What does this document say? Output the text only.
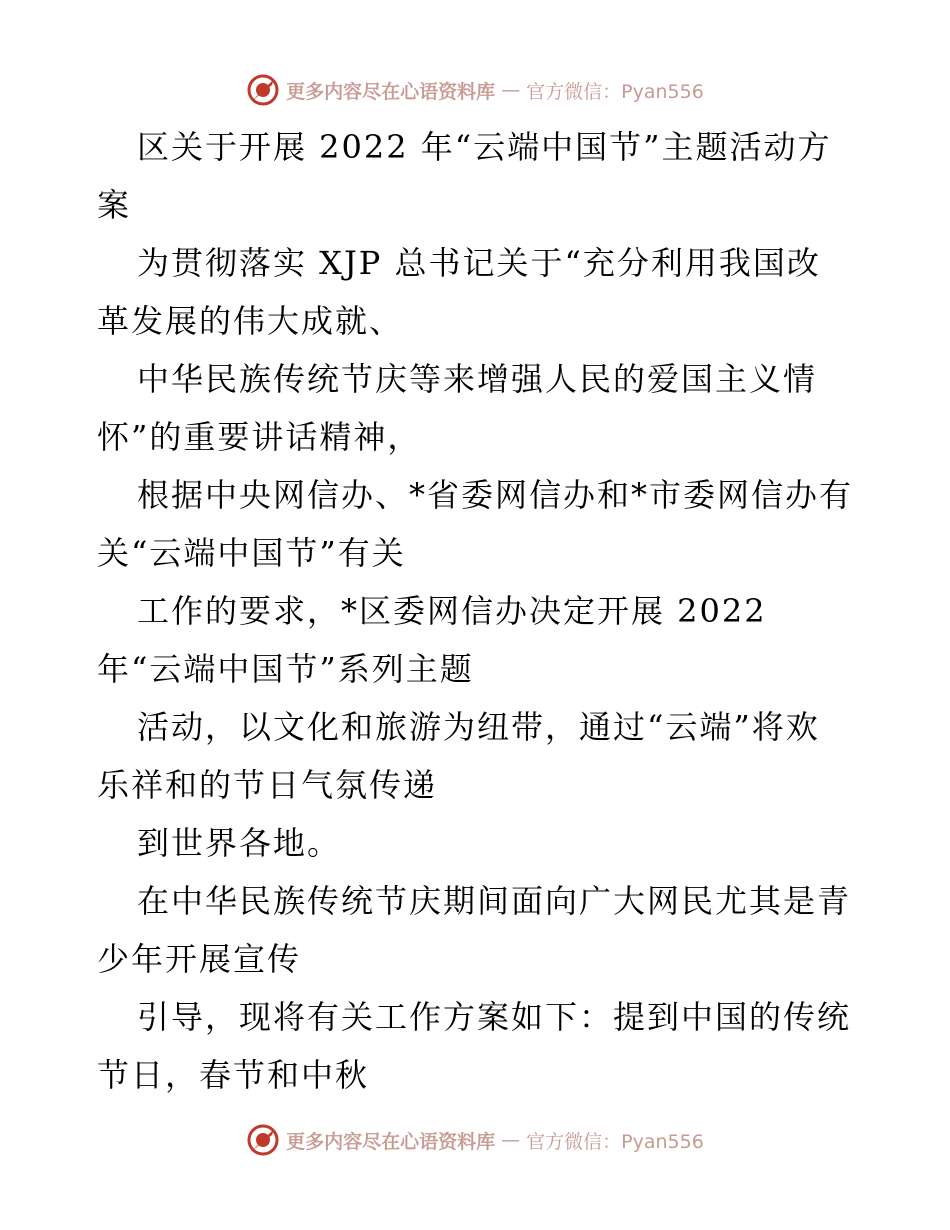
更多内容尽在心语资料库 — 官方微信：Pyan556
区关于开展 2022 年“云端中国节”主题活动方
案
为贯彻落实 XJP 总书记关于“充分利用我国改
革发展的伟大成就、
中华民族传统节庆等来增强人民的爱国主义情
怀”的重要讲话精神，
根据中央网信办、*省委网信办和*市委网信办有
关“云端中国节”有关
工作的要求，*区委网信办决定开展 2022
年“云端中国节”系列主题
活动，以文化和旅游为纽带，通过“云端”将欢
乐祥和的节日气氛传递
到世界各地。
在中华民族传统节庆期间面向广大网民尤其是青
少年开展宣传
引导，现将有关工作方案如下：提到中国的传统
节日，春节和中秋
更多内容尽在心语资料库 — 官方微信：Pyan556
